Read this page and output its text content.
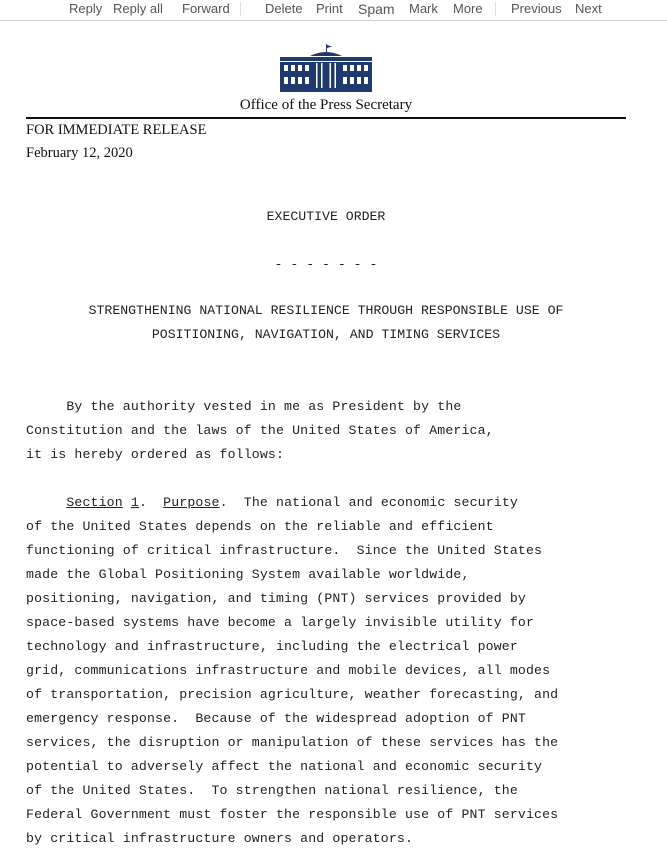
Reply Reply all Forward	Delete Print Spam Mark More Previous Next
Office of the Press Secretary
FOR IMMEDIATE RELEASE
February 12, 2020
EXECUTIVE ORDER
- - - - - - -
STRENGTHENING NATIONAL RESILIENCE THROUGH RESPONSIBLE USE OF
POSITIONING, NAVIGATION, AND TIMING SERVICES
By the authority vested in me as President by the
Constitution and the laws of the United States of America,
it is hereby ordered as follows:
Section 1.  Purpose.  The national and economic security
of the United States depends on the reliable and efficient
functioning of critical infrastructure.  Since the United States
made the Global Positioning System available worldwide,
positioning, navigation, and timing (PNT) services provided by
space-based systems have become a largely invisible utility for
technology and infrastructure, including the electrical power
grid, communications infrastructure and mobile devices, all modes
of transportation, precision agriculture, weather forecasting, and
emergency response.  Because of the widespread adoption of PNT
services, the disruption or manipulation of these services has the
potential to adversely affect the national and economic security
of the United States.  To strengthen national resilience, the
Federal Government must foster the responsible use of PNT services
by critical infrastructure owners and operators.
